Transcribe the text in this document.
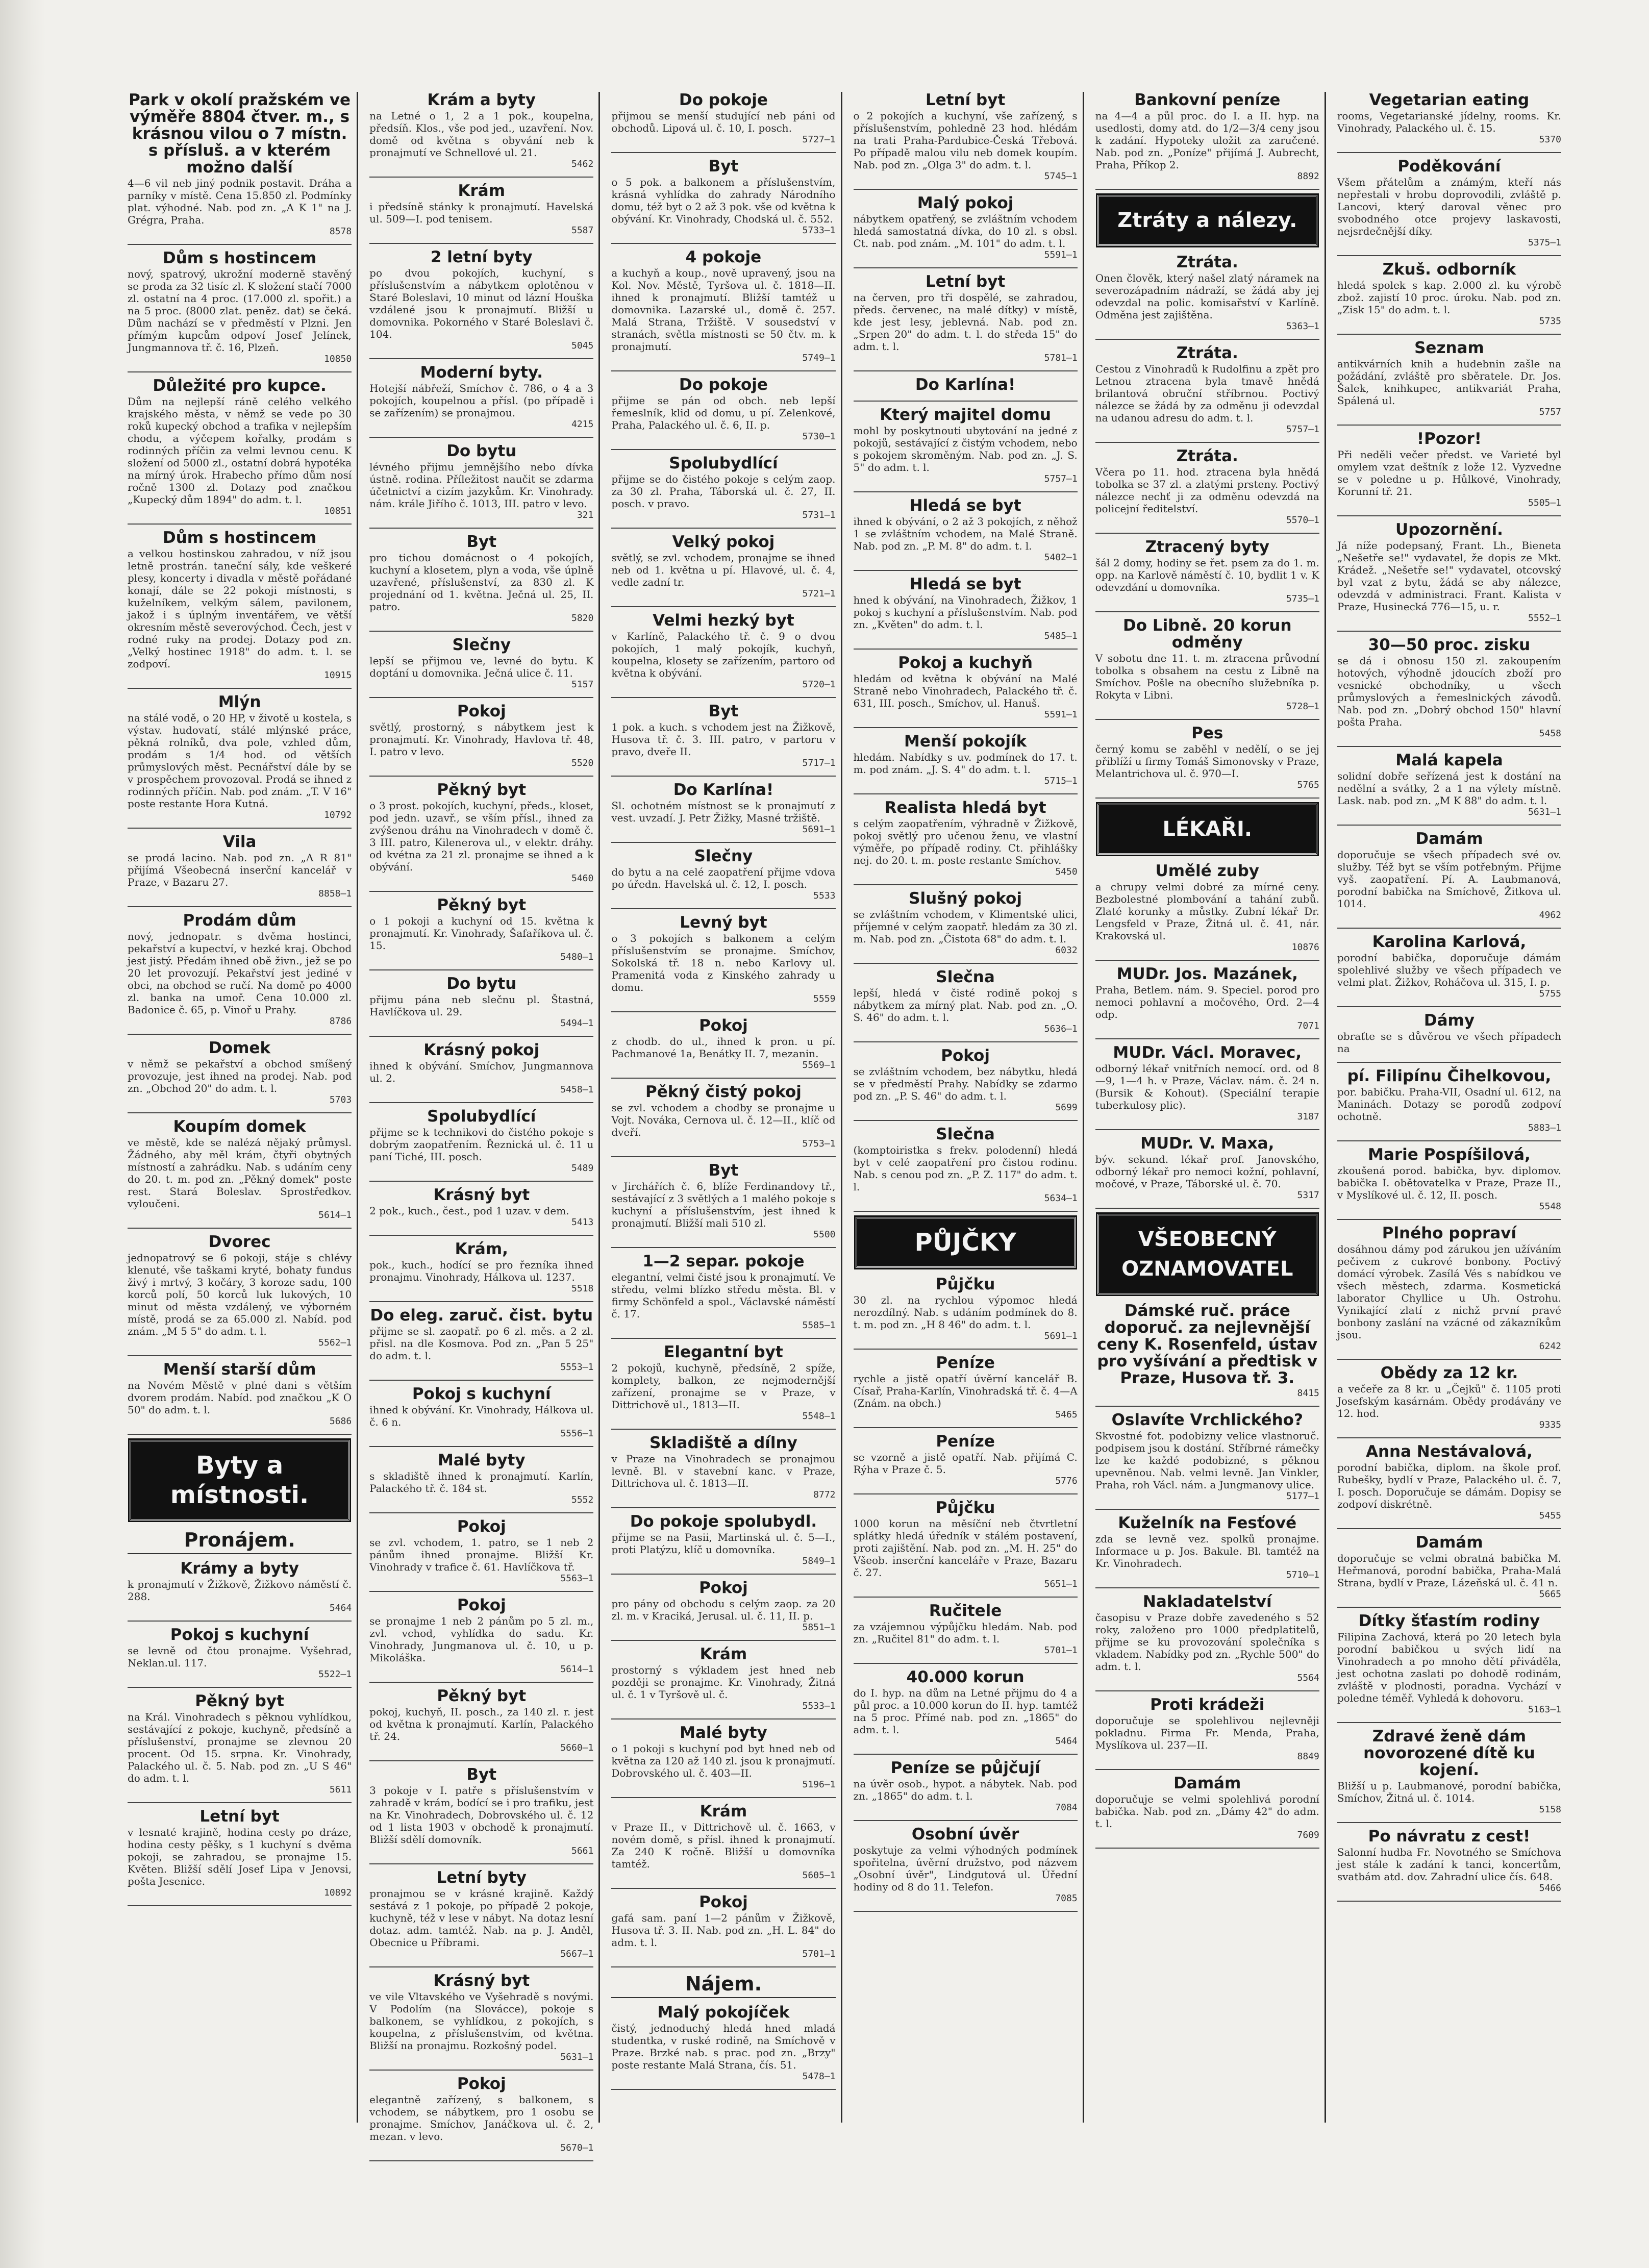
Park v okolí pražském ve výměře 8804 čtver. m., s krásnou vilou o 7 místn. s přísluš. a v kterém možno další

4—6 vil neb jiný podnik postavit. Dráha a parníky v místě. Cena 15.850 zl. Podmínky plat. výhodné. Nab. pod zn. „A K 1" na J. Grégra, Praha.

8578
Dům s hostincem

nový, spatrový, ukrožní moderně stavěný se proda za 32 tisíc zl. K složení stačí 7000 zl. ostatní na 4 proc. (17.000 zl. spořit.) a na 5 proc. (8000 zlat. peněz. dat) se čeká. Dům nachází se v předměstí v Plzni. Jen přímým kupcům odpoví Josef Jelínek, Jungmannova tř. č. 16, Plzeň.

10850
Důležité pro kupce.

Dům na nejlepší ráně celého velkého krajského města, v němž se vede po 30 roků kupecký obchod a trafika v nejlepším chodu, a výčepem kořalky, prodám s rodinných příčin za velmi levnou cenu. K složení od 5000 zl., ostatní dobrá hypotéka na mírný úrok. Hrabecho přímo dům nosí ročně 1300 zl. Dotazy pod značkou „Kupecký dům 1894" do adm. t. l.

10851
Dům s hostincem

a velkou hostinskou zahradou, v níž jsou letně prostrán. taneční sály, kde veškeré plesy, koncerty i divadla v městě pořádané konají, dále se 22 pokoji místnosti, s kuželníkem, velkým sálem, pavilonem, jakož i s úplným inventářem, ve větší okresním městě severovýchod. Čech, jest v rodné ruky na prodej. Dotazy pod zn. „Velký hostinec 1918" do adm. t. l. se zodpoví.

10915
Mlýn

na stálé vodě, o 20 HP, v životě u kostela, s výstav. hudovatí, stálé mlýnské práce, pěkná rolníků, dva pole, vzhled dům, prodám s 1/4 hod. od větších průmyslových měst. Pecnářství dále by se v prospěchem provozoval. Prodá se ihned z rodinných příčin. Nab. pod znám. „T. V 16" poste restante Hora Kutná.

10792
Vila

se prodá lacino. Nab. pod zn. „A R 81" přijímá Všeobecná inserční kancelář v Praze, v Bazaru 27.

8858—1
Prodám dům

nový, jednopatr. s dvěma hostinci, pekařství a kupectví, v hezké kraj. Obchod jest jistý. Předám ihned obě živn., jež se po 20 let provozují. Pekařství jest jediné v obci, na obchod se ručí. Na domě po 4000 zl. banka na umoř. Cena 10.000 zl. Badonice č. 65, p. Vinoř u Prahy.

8786
Domek

v němž se pekařství a obchod smíšený provozuje, jest ihned na prodej. Nab. pod zn. „Obchod 20" do adm. t. l.

5703
Koupím domek

ve městě, kde se nalézá nějaký průmysl. Žádného, aby měl krám, čtyři obytných místností a zahrádku. Nab. s udáním ceny do 20. t. m. pod zn. „Pěkný domek" poste rest. Stará Boleslav. Sprostředkov. vyloučeni.

5614—1
Dvorec

jednopatrový se 6 pokoji, stáje s chlévy klenuté, vše taškami kryté, bohaty fundus živý i mrtvý, 3 kočáry, 3 koroze sadu, 100 korců polí, 50 korců luk lukových, 10 minut od města vzdálený, ve výborném místě, prodá se za 65.000 zl. Nabíd. pod znám. „M 5 5" do adm. t. l.

5562—1
Menší starší dům

na Novém Městě v plné dani s větším dvorem prodám. Nabíd. pod značkou „K O 50" do adm. t. l.

5686
Byty a místnosti.
Pronájem.
Krámy a byty

k pronajmutí v Žižkově, Žižkovo náměstí č. 288.

5464
Pokoj s kuchyní

se levně od čtou pronajme. Vyšehrad, Neklan.ul. 117.

5522—1
Pěkný byt

na Král. Vinohradech s pěknou vyhlídkou, sestávající z pokoje, kuchyně, předsíně a příslušenství, pronajme se zlevnou 20 procent. Od 15. srpna. Kr. Vinohrady, Palackého ul. č. 5. Nab. pod zn. „U S 46" do adm. t. l.

5611
Letní byt

v lesnaté krajině, hodina cesty po dráze, hodina cesty pěšky, s 1 kuchyní s dvěma pokoji, se zahradou, se pronajme 15. Květen. Bližší sdělí Josef Lipa v Jenovsi, pošta Jesenice.

10892
Krám a byty

na Letné o 1, 2 a 1 pok., koupelna, předsíň. Klos., vše pod jed., uzavření. Nov. domě od května s obyvání neb k pronajmutí ve Schnellové ul. 21.

5462
Krám

i předsíně stánky k pronajmutí. Havelská ul. 509—I. pod tenisem.

5587
2 letní byty

po dvou pokojích, kuchyní, s příslušenstvím a nábytkem oplotěnou v Staré Boleslavi, 10 minut od lázní Houška vzdálené jsou k pronajmutí. Bližší u domovnika. Pokorného v Staré Boleslavi č. 104.

5045
Moderní byty.

Hotejší nábřeží, Smíchov č. 786, o 4 a 3 pokojích, koupelnou a přísl. (po případě i se zařízením) se pronajmou.

4215
Do bytu

lévného přijmu jemnějšího nebo dívka ústně. rodina. Příležitost naučit se zdarma účetnictví a cizím jazykům. Kr. Vinohrady. nám. krále Jiřího č. 1013, III. patro v levo.

321
Byt

pro tichou domácnost o 4 pokojích, kuchyní a klosetem, plyn a voda, vše úplně uzavřené, příslušenství, za 830 zl. K projednání od 1. května. Ječná ul. 25, II. patro.

5820
Slečny

lepší se přijmou ve, levné do bytu. K doptání u domovnika. Ječná ulice č. 11.

5157
Pokoj

světlý, prostorný, s nábytkem jest k pronajmutí. Kr. Vinohrady, Havlova tř. 48, I. patro v levo.

5520
Pěkný byt

o 3 prost. pokojích, kuchyní, předs., kloset, pod jedn. uzavř., se vším přísl., ihned za zvýšenou dráhu na Vinohradech v domě č. 3 III. patro, Kilenerova ul., v elektr. dráhy. od kvétna za 21 zl. pronajme se ihned a k obývání.

5460
Pěkný byt

o 1 pokoji a kuchyní od 15. května k pronajmutí. Kr. Vinohrady, Šafaříkova ul. č. 15.

5480—1
Do bytu

přijmu pána neb slečnu pl. Štastná, Havlíčkova ul. 29.

5494—1
Krásný pokoj

ihned k obývání. Smíchov, Jungmannova ul. 2.

5458—1
Spolubydlící

přijme se k technikovi do čistého pokoje s dobrým zaopatřením. Řeznická ul. č. 11 u paní Tiché, III. posch.

5489
Krásný byt

2 pok., kuch., čest., pod 1 uzav. v dem.

5413
Krám,

pok., kuch., hodící se pro řezníka ihned pronajmu. Vinohrady, Hálkova ul. 1237.

5518
Do eleg. zaruč. čist. bytu

přijme se sl. zaopatř. po 6 zl. měs. a 2 zl. přisl. na dle Kosmova. Pod zn. „Pan 5 25" do adm. t. l.

5553—1
Pokoj s kuchyní

ihned k obývání. Kr. Vinohrady, Hálkova ul. č. 6 n.

5556—1
Malé byty

s skladiště ihned k pronajmutí. Karlín, Palackého tř. č. 184 st.

5552
Pokoj

se zvl. vchodem, 1. patro, se 1 neb 2 pánům ihned pronajme. Bližší Kr. Vinohrady v trafice č. 61. Havlíčkova tř.

5563—1
Pokoj

se pronajme 1 neb 2 pánům po 5 zl. m., zvl. vchod, vyhlídka do sadu. Kr. Vinohrady, Jungmanova ul. č. 10, u p. Mikoláška.

5614—1
Pěkný byt

pokoj, kuchyň, II. posch., za 140 zl. r. jest od května k pronajmutí. Karlín, Palackého tř. 24.

5660—1
Byt

3 pokoje v I. patře s příslušenstvím v zahradě v krám, bodící se i pro trafiku, jest na Kr. Vinohradech, Dobrovského ul. č. 12 od 1 lista 1903 v obchodě k pronajmutí. Bližší sdělí domovník.

5661
Letní byty

pronajmou se v krásné krajině. Každý sestává z 1 pokoje, po případě 2 pokoje, kuchyně, též v lese v nábyt. Na dotaz lesní dotaz. adm. tamtéž. Nab. na p. J. Anděl, Obecnice u Příbrami.

5667—1
Krásný byt

ve vile Vltavského ve Vyšehradě s novými. V Podolím (na Slovácce), pokoje s balkonem, se vyhlídkou, z pokojích, s koupelna, z příslušenstvím, od května. Bližší na pronajmu. Rozkošný podel.

5631—1
Pokoj

elegantně zařízený, s balkonem, s vchodem, se nábytkem, pro 1 osobu se pronajme. Smíchov, Janáčkova ul. č. 2, mezan. v levo.

5670—1
Do pokoje

přijmou se menší studující neb páni od obchodů. Lipová ul. č. 10, I. posch.

5727—1
Byt

o 5 pok. a balkonem a příslušenstvím, krásná vyhlídka do zahrady Národního domu, též byt o 2 až 3 pok. vše od května k obývání. Kr. Vinohrady, Chodská ul. č. 552.

5733—1
4 pokoje

a kuchyň a koup., nově upravený, jsou na Kol. Nov. Městě, Tyršova ul. č. 1818—II. ihned k pronajmutí. Bližší tamtéž u domovnika. Lazarské ul., domě č. 257. Malá Strana, Tržiště. V sousedství v stranách, světla místnosti se 50 čtv. m. k pronajmutí.

5749—1
Do pokoje

přijme se pán od obch. neb lepší řemeslník, klid od domu, u pí. Zelenkové, Praha, Palackého ul. č. 6, II. p.

5730—1
Spolubydlící

přijme se do čistého pokoje s celým zaop. za 30 zl. Praha, Táborská ul. č. 27, II. posch. v pravo.

5731—1
Velký pokoj

světlý, se zvl. vchodem, pronajme se ihned neb od 1. května u pí. Hlavové, ul. č. 4, vedle zadní tr.

5721—1
Velmi hezký byt

v Karlíně, Palackého tř. č. 9 o dvou pokojích, 1 malý pokojík, kuchyň, koupelna, klosety se zařízením, partoro od května k obývání.

5720—1
Byt

1 pok. a kuch. s vchodem jest na Žižkově, Husova tř. č. 3. III. patro, v partoru v pravo, dveře II.

5717—1
Do Karlína!

Sl. ochotném místnost se k pronajmutí z vest. uvzadí. J. Petr Žižky, Masné tržiště.

5691—1
Slečny

do bytu a na celé zaopatření přijme vdova po úředn. Havelská ul. č. 12, I. posch.

5533
Levný byt

o 3 pokojích s balkonem a celým příslušenstvím se pronajme. Smíchov, Sokolská tř. 18 n. nebo Karlovy ul. Pramenitá voda z Kinského zahrady u domu.

5559
Pokoj

z chodb. do ul., ihned k pron. u pí. Pachmanové 1a, Benátky II. 7, mezanin.

5569—1
Pěkný čistý pokoj

se zvl. vchodem a chodby se pronajme u Vojt. Nováka, Cernova ul. č. 12—II., klíč od dveří.

5753—1
Byt

v Jirchářích č. 6, blíže Ferdinandovy tř., sestávající z 3 světlých a 1 malého pokoje s kuchyní a příslušenstvím, jest ihned k pronajmutí. Bližší mali 510 zl.

5500
1—2 separ. pokoje

elegantní, velmi čisté jsou k pronajmutí. Ve středu, velmi blízko středu města. Bl. v firmy Schönfeld a spol., Václavské náměstí č. 17.

5585—1
Elegantní byt

2 pokojů, kuchyně, předsíně, 2 spíže, komplety, balkon, ze nejmodernější zařízení, pronajme se v Praze, v Dittrichově ul., 1813—II.

5548—1
Skladiště a dílny

v Praze na Vinohradech se pronajmou levně. Bl. v stavební kanc. v Praze, Dittrichova ul. č. 1813—II.

8772
Do pokoje spolubydl.

přijme se na Pasii, Martinská ul. č. 5—I., proti Platýzu, klíč u domovníka.

5849—1
Pokoj

pro pány od obchodu s celým zaop. za 20 zl. m. v Kraciká, Jerusal. ul. č. 11, II. p.

5851—1
Krám

prostorný s výkladem jest hned neb později se pronajme. Kr. Vinohrady, Žitná ul. č. 1 v Tyršově ul. č.

5533—1
Malé byty

o 1 pokoji s kuchyní pod byt hned neb od května za 120 až 140 zl. jsou k pronajmutí. Dobrovského ul. č. 403—II.

5196—1
Krám

v Praze II., v Dittrichově ul. č. 1663, v novém domě, s přísl. ihned k pronajmutí. Za 240 K ročně. Bližší u domovníka tamtéž.

5605—1
Pokoj

gafá sam. paní 1—2 pánům v Žižkově, Husova tř. 3. II. Nab. pod zn. „H. L. 84" do adm. t. l.

5701—1
Nájem.
Malý pokojíček

čistý, jednoduchý hledá hned mladá studentka, v ruské rodině, na Smíchově v Praze. Brzké nab. s prac. pod zn. „Brzy" poste restante Malá Strana, čís. 51.

5478—1
Letní byt

o 2 pokojích a kuchyní, vše zařízený, s příslušenstvím, pohledně 23 hod. hlédám na trati Praha-Pardubice-Česká Třebová. Po případě malou vilu neb domek koupím. Nab. pod zn. „Olga 3" do adm. t. l.

5745—1
Malý pokoj

nábytkem opatřený, se zvláštním vchodem hledá samostatná dívka, do 10 zl. s obsl. Ct. nab. pod znám. „M. 101" do adm. t. l.

5591—1
Letní byt

na červen, pro tři dospělé, se zahradou, předs. červenec, na malé dítky) v místě, kde jest lesy, jeblevná. Nab. pod zn. „Srpen 20" do adm. t. l. do středa 15" do adm. t. l.

5781—1
Do Karlína!
Který majitel domu

mohl by poskytnouti ubytování na jedné z pokojů, sestávající z čistým vchodem, nebo s pokojem skroměným. Nab. pod zn. „J. S. 5" do adm. t. l.

5757—1
Hledá se byt

ihned k obývání, o 2 až 3 pokojích, z něhož 1 se zvláštním vchodem, na Malé Straně. Nab. pod zn. „P. M. 8" do adm. t. l.

5402—1
Hledá se byt

hned k obývání, na Vinohradech, Žižkov, 1 pokoj s kuchyní a příslušenstvím. Nab. pod zn. „Květen" do adm. t. l.

5485—1
Pokoj a kuchyň

hledám od května k obývání na Malé Straně nebo Vinohradech, Palackého tř. č. 631, III. posch., Smíchov, ul. Hanuš.

5591—1
Menší pokojík

hledám. Nabídky s uv. podmínek do 17. t. m. pod znám. „J. S. 4" do adm. t. l.

5715—1
Realista hledá byt

s celým zaopatřením, výhradně v Žižkově, pokoj světlý pro učenou ženu, ve vlastní výměře, po případě rodiny. Ct. přihlášky nej. do 20. t. m. poste restante Smíchov.

5450
Slušný pokoj

se zvláštním vchodem, v Klimentské ulici, příjemné v celým zaopatř. hledám za 30 zl. m. Nab. pod zn. „Čistota 68" do adm. t. l.

6032
Slečna

lepší, hledá v čisté rodině pokoj s nábytkem za mírný plat. Nab. pod zn. „O. S. 46" do adm. t. l.

5636—1
Pokoj

se zvláštním vchodem, bez nábytku, hledá se v předměstí Prahy. Nabídky se zdarmo pod zn. „P. S. 46" do adm. t. l.

5699
Slečna

(komptoiristka s frekv. polodenní) hledá byt v celé zaopatření pro čistou rodinu. Nab. s cenou pod zn. „P. Z. 117" do adm. t. l.

5634—1
PŮJČKY
Půjčku

30 zl. na rychlou výpomoc hledá nerozdílný. Nab. s udáním podmínek do 8. t. m. pod zn. „H 8 46" do adm. t. l.

5691—1
Peníze

rychle a jistě opatří úvěrní kancelář B. Císař, Praha-Karlín, Vinohradská tř. č. 4—A (Znám. na obch.)

5465
Peníze

se vzorně a jistě opatří. Nab. přijímá C. Rýha v Praze č. 5.

5776
Půjčku

1000 korun na měsíční neb čtvrtletní splátky hledá úředník v stálém postavení, proti zajištění. Nab. pod zn. „M. H. 25" do Všeob. inserční kanceláře v Praze, Bazaru č. 27.

5651—1
Ručitele

za vzájemnou výpůjčku hledám. Nab. pod zn. „Ručitel 81" do adm. t. l.

5701—1
40.000 korun

do I. hyp. na dům na Letné přijmu do 4 a půl proc. a 10.000 korun do II. hyp. tamtéž na 5 proc. Přímé nab. pod zn. „1865" do adm. t. l.

5464
Peníze se půjčují

na úvěr osob., hypot. a nábytek. Nab. pod zn. „1865" do adm. t. l.

7084
Osobní úvěr

poskytuje za velmi výhodných podmínek spořitelna, úvěrní družstvo, pod názvem „Osobní úvěr", Lindgutová ul. Úřední hodiny od 8 do 11. Telefon.

7085
Bankovní peníze

na 4—4 a půl proc. do I. a II. hyp. na usedlosti, domy atd. do 1/2—3/4 ceny jsou k zadání. Hypoteky uložit za zaručené. Nab. pod zn. „Poníze" přijímá J. Aubrecht, Praha, Příkop 2.

8892
Ztráty a nálezy.
Ztráta.

Onen člověk, který našel zlatý náramek na severozápadním nádraží, se žádá aby jej odevzdal na polic. komisařství v Karlíně. Odměna jest zajištěna.

5363—1
Ztráta.

Cestou z Vinohradů k Rudolfinu a zpět pro Letnou ztracena byla tmavě hnědá brilantová obruční stříbrnou. Poctivý nálezce se žádá by za odměnu ji odevzdal na udanou adresu do adm. t. l.

5757—1
Ztráta.

Včera po 11. hod. ztracena byla hnědá tobolka se 37 zl. a zlatými prsteny. Poctivý nálezce nechť ji za odměnu odevzdá na policejní ředitelství.

5570—1
Ztracený byty

šál 2 domy, hodiny se řet. psem za do 1. m. opp. na Karlově náměstí č. 10, bydlit 1 v. K odevzdání u domovníka.

5735—1
Do Libně. 20 korun odměny

V sobotu dne 11. t. m. ztracena průvodní tobolka s obsahem na cestu z Libně na Smíchov. Pošle na obecního služebníka p. Rokyta v Libni.

5728—1
Pes

černý komu se zaběhl v nedělí, o se jej přiblíží u firmy Tomáš Simonovsky v Praze, Melantrichova ul. č. 970—I.

5765
LÉKAŘI.
Umělé zuby

a chrupy velmi dobré za mírné ceny. Bezbolestné plombování a tahání zubů. Zlaté korunky a můstky. Zubní lékař Dr. Lengsfeld v Praze, Žitná ul. č. 41, nár. Krakovská ul.

10876
MUDr. Jos. Mazánek,

Praha, Betlem. nám. 9. Speciel. porod pro nemoci pohlavní a močového, Ord. 2—4 odp.

7071
MUDr. Václ. Moravec,

odborný lékař vnitřních nemocí. ord. od 8—9, 1—4 h. v Praze, Václav. nám. č. 24 n. (Bursik & Kohout). (Speciální terapie tuberkulosy plic).

3187
MUDr. V. Maxa,

býv. sekund. lékař prof. Janovského, odborný lékař pro nemoci kožní, pohlavní, močové, v Praze, Táborské ul. č. 70.

5317
VŠEOBECNÝ OZNAMOVATEL
Dámské ruč. práce doporuč. za nejlevnější ceny K. Rosenfeld, ústav pro vyšívání a předtisk v Praze, Husova tř. 3.
8415
Oslavíte Vrchlického?

Skvostné fot. podobizny velice vlastnoruč. podpisem jsou k dostání. Stříbrné rámečky lze ke každé podobizné, s pěknou upevněnou. Nab. velmi levně. Jan Vinkler, Praha, roh Václ. nám. a Jungmanovy ulice.

5177—1
Kuželník na Fesťové

zda se levně vez. spolků pronajme. Informace u p. Jos. Bakule. Bl. tamtéž na Kr. Vinohradech.

5710—1
Nakladatelství

časopisu v Praze dobře zavedeného s 52 roky, založeno pro 1000 předplatitelů, přijme se ku provozování společníka s vkladem. Nabídky pod zn. „Rychle 500" do adm. t. l.

5564
Proti krádeži

doporučuje se spolehlivou nejlevněji pokladnu. Firma Fr. Menda, Praha, Myslíkova ul. 237—II.

8849
Damám

doporučuje se velmi spolehlivá porodní babička. Nab. pod zn. „Dámy 42" do adm. t. l.

7609
Vegetarian eating

rooms, Vegetarianské jídelny, rooms. Kr. Vinohrady, Palackého ul. č. 15.

5370
Poděkování

Všem přátelům a známým, kteří nás nepřestali v hrobu doprovodili, zvláště p. Lancovi, který daroval věnec pro svobodného otce projevy laskavosti, nejsrdečnější díky.

5375—1
Zkuš. odborník

hledá spolek s kap. 2.000 zl. ku výrobě zbož. zajistí 10 proc. úroku. Nab. pod zn. „Zisk 15" do adm. t. l.

5735
Seznam

antikvárních knih a hudebnin zašle na požádání, zvláště pro sběratele. Dr. Jos. Šalek, knihkupec, antikvariát Praha, Spálená ul.

5757
!Pozor!

Při neděli večer předst. ve Varieté byl omylem vzat deštník z lože 12. Vyzvedne se v poledne u p. Hůlkové, Vinohrady, Korunní tř. 21.

5505—1
Upozornění.

Já níže podepsaný, Frant. Lh., Bieneta „Nešetře se!" vydavatel, že dopis ze Mkt. Krádež. „Nešetře se!" vydavatel, otcovský byl vzat z bytu, žádá se aby nálezce, odevzdá v administraci. Frant. Kalista v Praze, Husinecká 776—15, u. r.

5552—1
30—50 proc. zisku

se dá i obnosu 150 zl. zakoupením hotových, výhodně jdoucích zboží pro vesnické obchodníky, u všech průmyslových a řemeslnických závodů. Nab. pod zn. „Dobrý obchod 150" hlavní pošta Praha.

5458
Malá kapela

solidní dobře seřízená jest k dostání na nedělní a svátky, 2 a 1 na výlety místně. Lask. nab. pod zn. „M K 88" do adm. t. l.

5631—1
Damám

doporučuje se všech případech své ov. služby. Též byt se vším potřebným. Přijme vyš. zaopatření. Pí. A. Laubmanová, porodní babička na Smíchově, Žitkova ul. 1014.

4962
Karolina Karlová,

porodní babička, doporučuje dámám spolehlivé služby ve všech případech ve velmi plat. Žižkov, Roháčova ul. 315, I. p.

5755
Dámy

obraťte se s důvěrou ve všech případech na

pí. Filipínu Čihelkovou,

por. babičku. Praha-VII, Osadní ul. 612, na Maninách. Dotazy se porodů zodpoví ochotně.

5883—1
Marie Pospíšilová,

zkoušená porod. babička, byv. diplomov. babička I. obětovatelka v Praze, Praze II., v Myslíkové ul. č. 12, II. posch.

5548
Plného popraví

dosáhnou dámy pod zárukou jen užíváním pečivem z cukrové bonbony. Poctivý domácí výrobek. Zasílá Vés s nabídkou ve všech městech, zdarma. Kosmetická laborator Chyllice u Uh. Ostrohu. Vynikající zlatí z nichž první pravé bonbony zaslání na vzácné od zákazníkům jsou.

6242
Obědy za 12 kr.

a večeře za 8 kr. u „Čejků" č. 1105 proti Josefským kasárnám. Obědy prodávány ve 12. hod.

9335
Anna Nestávalová,

porodní babička, diplom. na škole prof. Rubešky, bydlí v Praze, Palackého ul. č. 7, I. posch. Doporučuje se dámám. Dopisy se zodpoví diskrétně.

5455
Damám

doporučuje se velmi obratná babička M. Heřmanová, porodní babička, Praha-Malá Strana, bydlí v Praze, Lázeňská ul. č. 41 n.

5665
Dítky šťastím rodiny

Filipina Zachová, která po 20 letech byla porodní babičkou u svých lidí na Vinohradech a po mnoho dětí přiváděla, jest ochotna zaslati po dohodě rodinám, zvláště v plodnosti, poradna. Vychází v poledne téměř. Vyhledá k dohovoru.

5163—1
Zdravé ženě dám novorozené dítě ku kojení.

Bližší u p. Laubmanové, porodní babička, Smíchov, Žitná ul. č. 1014.

5158
Po návratu z cest!

Salonní hudba Fr. Novotného se Smíchova jest stále k zadání k tanci, koncertům, svatbám atd. dov. Zahradní ulice čís. 648.

5466
